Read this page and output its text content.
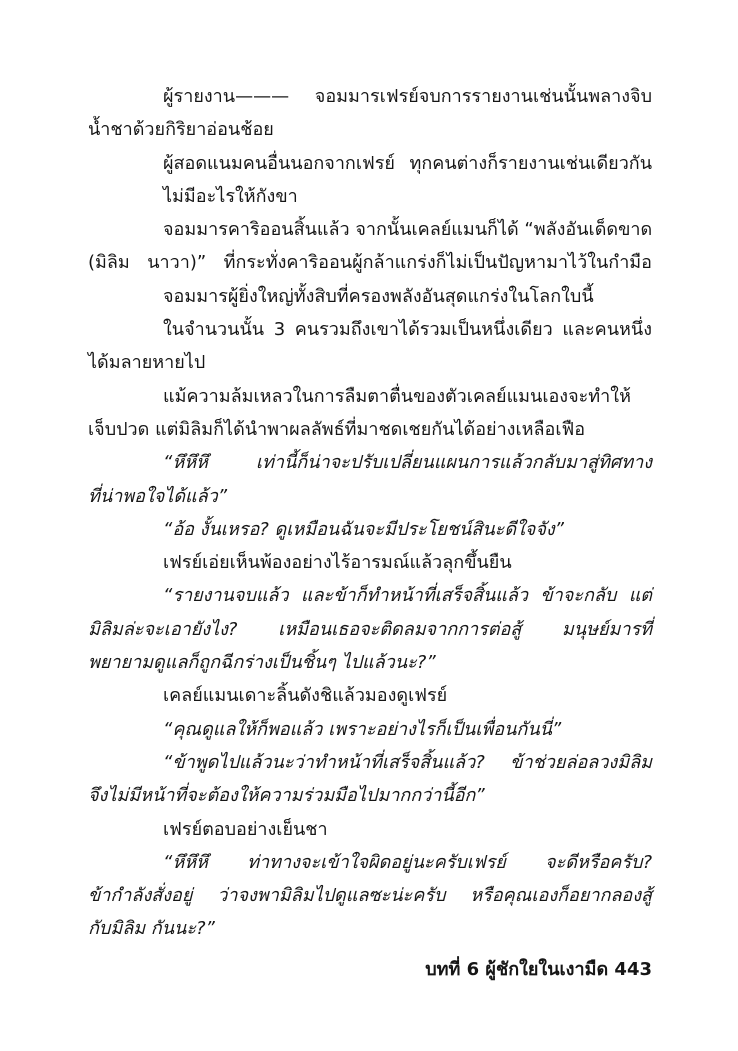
ผู้รายงาน——— จอมมารเฟรย์จบการรายงานเช่นนั้นพลางจิบ
น้ำชาด้วยกิริยาอ่อนช้อย
ผู้สอดแนมคนอื่นนอกจากเฟรย์ ทุกคนต่างก็รายงานเช่นเดียวกัน
ไม่มีอะไรให้กังขา
จอมมารคาริออนสิ้นแล้ว จากนั้นเคลย์แมนก็ได้ “พลังอันเด็ดขาด
(มิลิม นาวา)” ที่กระทั่งคาริออนผู้กล้าแกร่งก็ไม่เป็นปัญหามาไว้ในกำมือ
จอมมารผู้ยิ่งใหญ่ทั้งสิบที่ครองพลังอันสุดแกร่งในโลกใบนี้
ในจำนวนนั้น 3 คนรวมถึงเขาได้รวมเป็นหนึ่งเดียว และคนหนึ่ง
ได้มลายหายไป
แม้ความล้มเหลวในการลืมตาตื่นของตัวเคลย์แมนเองจะทำให้
เจ็บปวด แต่มิลิมก็ได้นำพาผลลัพธ์ที่มาชดเชยกันได้อย่างเหลือเฟือ
“หึหึหึ เท่านี้ก็น่าจะปรับเปลี่ยนแผนการแล้วกลับมาสู่ทิศทาง
ที่น่าพอใจได้แล้ว”
“อ้อ งั้นเหรอ? ดูเหมือนฉันจะมีประโยชน์สินะดีใจจัง”
เฟรย์เอ่ยเห็นพ้องอย่างไร้อารมณ์แล้วลุกขึ้นยืน
“รายงานจบแล้ว และข้าก็ทำหน้าที่เสร็จสิ้นแล้ว ข้าจะกลับ แต่
มิลิมล่ะจะเอายังไง? เหมือนเธอจะติดลมจากการต่อสู้ มนุษย์มารที่
พยายามดูแลก็ถูกฉีกร่างเป็นชิ้นๆ ไปแล้วนะ?”
เคลย์แมนเดาะลิ้นดังชิแล้วมองดูเฟรย์
“คุณดูแลให้ก็พอแล้ว เพราะอย่างไรก็เป็นเพื่อนกันนี่”
“ข้าพูดไปแล้วนะว่าทำหน้าที่เสร็จสิ้นแล้ว? ข้าช่วยล่อลวงมิลิม
จึงไม่มีหน้าที่จะต้องให้ความร่วมมือไปมากกว่านี้อีก”
เฟรย์ตอบอย่างเย็นชา
“หึหึหึ ท่าทางจะเข้าใจผิดอยู่นะครับเฟรย์ จะดีหรือครับ?
ข้ากำลังสั่งอยู่ ว่าจงพามิลิมไปดูแลซะน่ะครับ หรือคุณเองก็อยากลองสู้
กับมิลิม กันนะ?”
บทที่ 6 ผู้ชักใยในเงามืด 443
